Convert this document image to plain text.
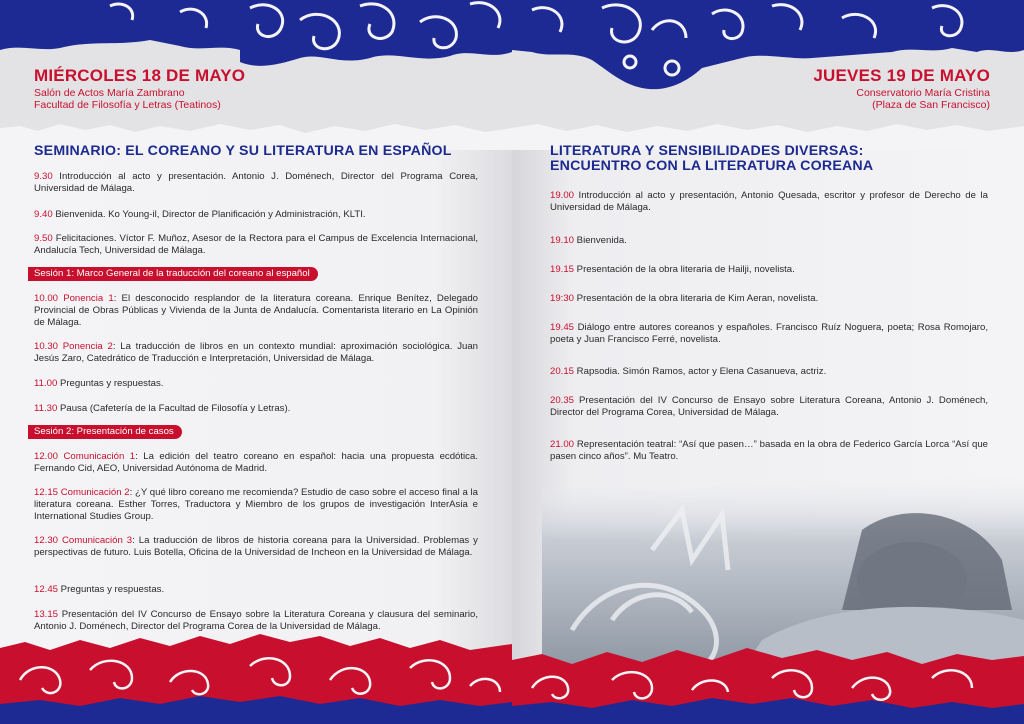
MIÉRCOLES 18 DE MAYO
Salón de Actos María Zambrano
Facultad de Filosofía y Letras (Teatinos)
SEMINARIO: EL COREANO Y SU LITERATURA EN ESPAÑOL
9.30 Introducción al acto y presentación. Antonio J. Doménech, Director del Programa Corea, Universidad de Málaga.
9.40 Bienvenida. Ko Young-il, Director de Planificación y Administración, KLTI.
9.50 Felicitaciones. Víctor F. Muñoz, Asesor de la Rectora para el Campus de Excelencia Internacional, Andalucía Tech, Universidad de Málaga.
Sesión 1: Marco General de la traducción del coreano al español
10.00 Ponencia 1: El desconocido resplandor de la literatura coreana. Enrique Benítez, Delegado Provincial de Obras Públicas y Vivienda de la Junta de Andalucía. Comentarista literario en La Opinión de Málaga.
10.30 Ponencia 2: La traducción de libros en un contexto mundial: aproximación sociológica. Juan Jesús Zaro, Catedrático de Traducción e Interpretación, Universidad de Málaga.
11.00 Preguntas y respuestas.
11.30 Pausa (Cafetería de la Facultad de Filosofía y Letras).
Sesión 2: Presentación de casos
12.00 Comunicación 1: La edición del teatro coreano en español: hacia una propuesta ecdótica. Fernando Cid, AEO, Universidad Autónoma de Madrid.
12.15 Comunicación 2: ¿Y qué libro coreano me recomienda? Estudio de caso sobre el acceso final a la literatura coreana. Esther Torres, Traductora y Miembro de los grupos de investigación InterAsia e International Studies Group.
12.30 Comunicación 3: La traducción de libros de historia coreana para la Universidad. Problemas y perspectivas de futuro. Luis Botella, Oficina de la Universidad de Incheon en la Universidad de Málaga.
12.45 Preguntas y respuestas.
13.15 Presentación del IV Concurso de Ensayo sobre la Literatura Coreana y clausura del seminario, Antonio J. Doménech, Director del Programa Corea de la Universidad de Málaga.
JUEVES 19 DE MAYO
Conservatorio María Cristina
(Plaza de San Francisco)
LITERATURA Y SENSIBILIDADES DIVERSAS:
ENCUENTRO CON LA LITERATURA COREANA
19.00 Introducción al acto y presentación, Antonio Quesada, escritor y profesor de Derecho de la Universidad de Málaga.
19.10 Bienvenida.
19.15 Presentación de la obra literaria de Hailji, novelista.
19:30 Presentación de la obra literaria de Kim Aeran, novelista.
19.45 Diálogo entre autores coreanos y españoles. Francisco Ruíz Noguera, poeta; Rosa Romojaro, poeta y Juan Francisco Ferré, novelista.
20.15 Rapsodia. Simón Ramos, actor y Elena Casanueva, actriz.
20.35 Presentación del IV Concurso de Ensayo sobre Literatura Coreana, Antonio J. Doménech, Director del Programa Corea, Universidad de Málaga.
21.00 Representación teatral: “Así que pasen…” basada en la obra de Federico García Lorca “Así que pasen cinco años”. Mu Teatro.
